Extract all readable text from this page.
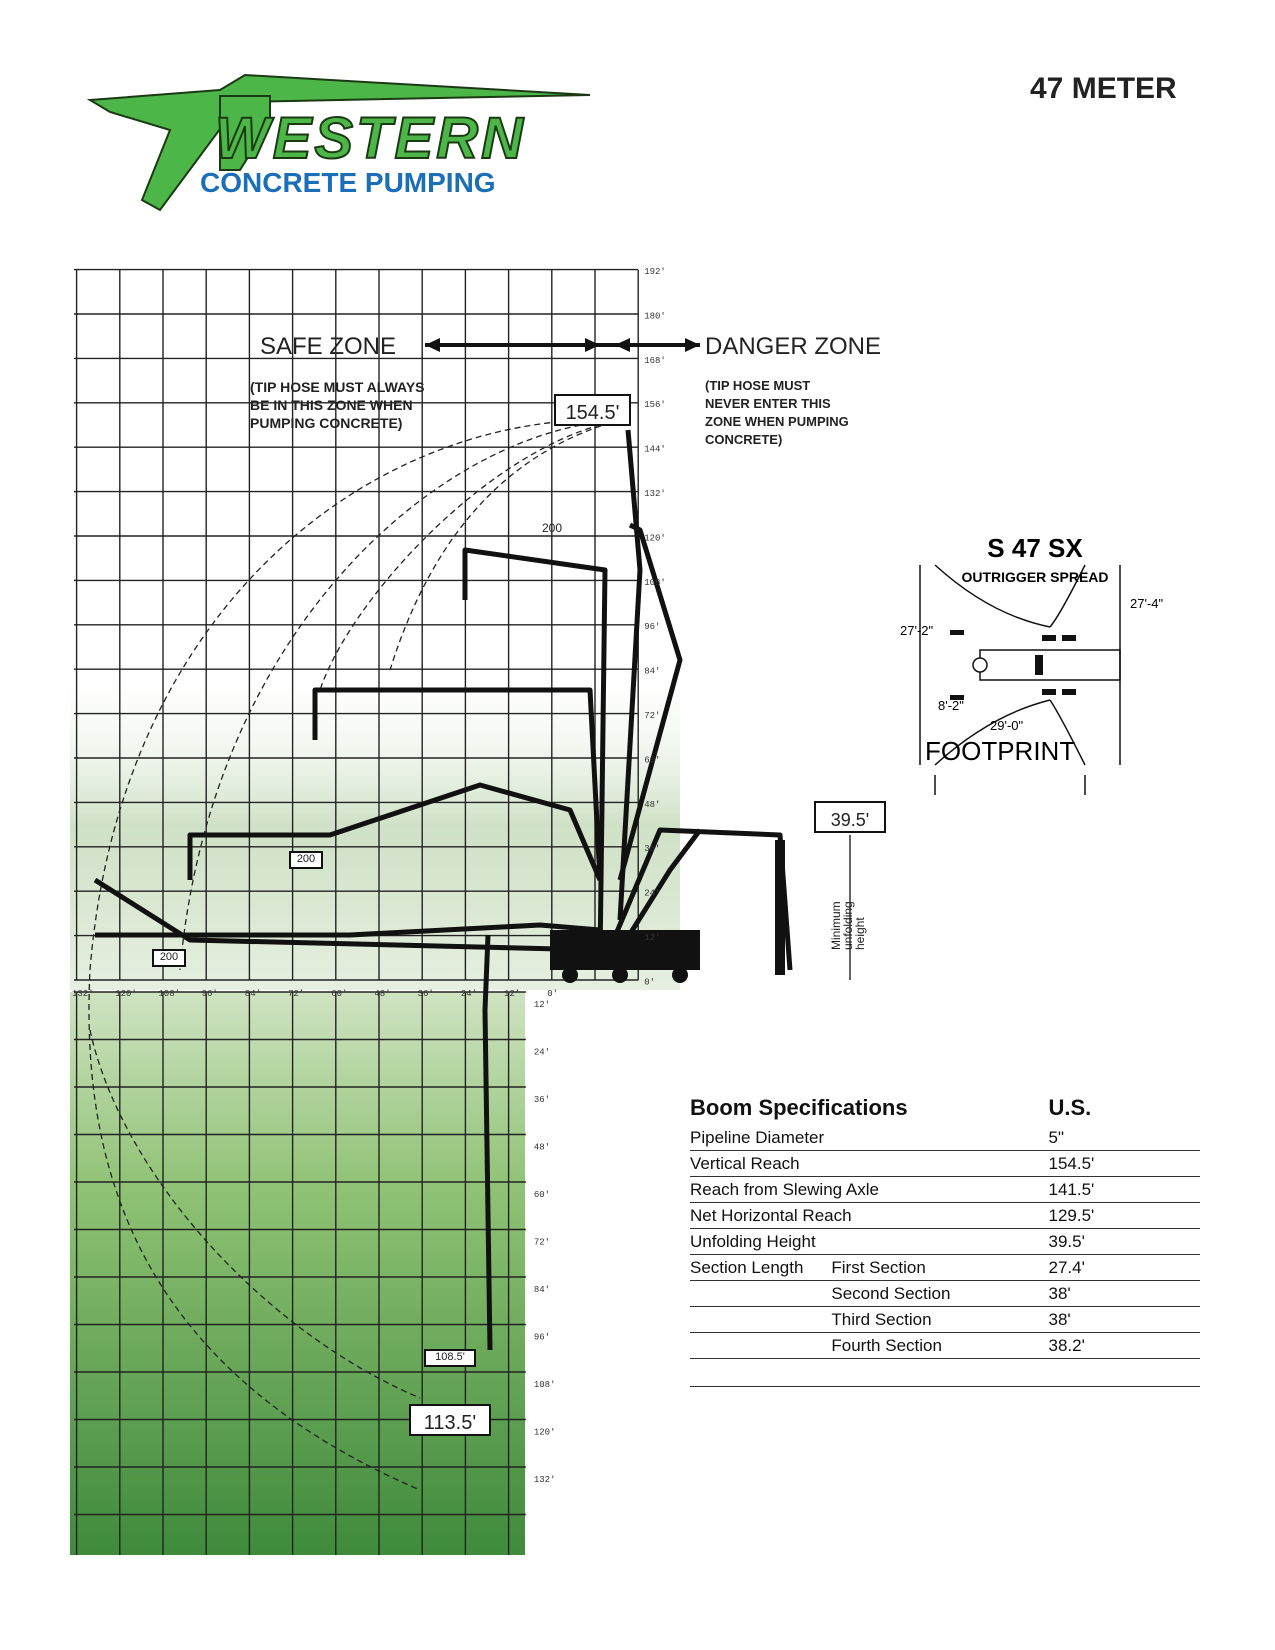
47 METER
WESTERN
CONCRETE PUMPING
192'
180'
168'
156'
144'
132'
120'
108'
96'
84'
72'
60'
48'
36'
24'
12'
0'
132' 120' 108' 96'	84'	72'	60'	48'	36'	24'	12'	0'
12'
24'
36'
48'
60'
72'
84'
96'
108'
120'
132'
SAFE ZONE	DANGER ZONE
(TIP HOSE MUST ALWAYS
BE IN THIS ZONE WHEN
PUMPING CONCRETE)
(TIP HOSE MUST
NEVER ENTER THIS
ZONE WHEN PUMPING
CONCRETE)
154.5'
39.5'
108.5'
113.5'
200
200
200
Minimum
unfolding
height
S 47 SX
OUTRIGGER SPREAD
27'-4"
27'-2"
8'-2"
29'-0"
FOOTPRINT
Boom Specifications		U.S.
Pipeline Diameter		5"
Vertical Reach		154.5'
Reach from Slewing Axle		141.5'
Net Horizontal Reach		129.5'
Unfolding Height		39.5'
Section Length	First Section	27.4'
	Second Section	38'
	Third Section	38'
	Fourth Section	38.2'
